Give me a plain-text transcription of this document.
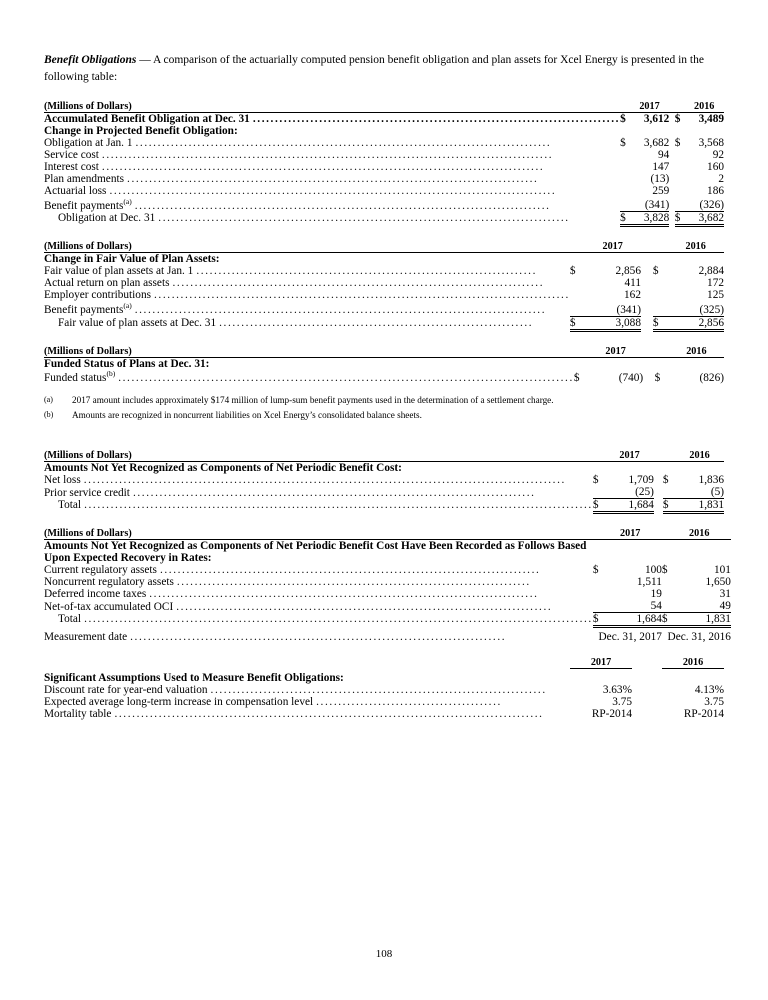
Benefit Obligations — A comparison of the actuarially computed pension benefit obligation and plan assets for Xcel Energy is presented in the following table:

(Millions of Dollars)		2017			2016
Accumulated Benefit Obligation at Dec. 31 ...................................................................................	$	3,612		$	3,489
Change in Projected Benefit Obligation:					
Obligation at Jan. 1 ..............................................................................................	$	3,682		$	3,568
Service cost ......................................................................................................		94			92
Interest cost ....................................................................................................		147			160
Plan amendments .............................................................................................		(13)			2
Actuarial loss .....................................................................................................		259			186
Benefit payments$^{(a)}$ ..............................................................................................		(341)			(326)
Obligation at Dec. 31 .............................................................................................	$	3,828		$	3,682

(Millions of Dollars)		2017			2016
Change in Fair Value of Plan Assets:					
Fair value of plan assets at Jan. 1 .............................................................................	$	2,856		$	2,884
Actual return on plan assets ....................................................................................		411			172
Employer contributions ..............................................................................................		162			125
Benefit payments$^{(a)}$ .............................................................................................		(341)			(325)
Fair value of plan assets at Dec. 31 .......................................................................	$	3,088		$	2,856

(Millions of Dollars)		2017			2016
Funded Status of Plans at Dec. 31:					
Funded status$^{(b)}$ .......................................................................................................	$	(740)		$	(826)
(a)	2017 amount includes approximately $174 million of lump-sum benefit payments used in the determination of a settlement charge.
(b)	Amounts are recognized in noncurrent liabilities on Xcel Energy’s consolidated balance sheets.
(Millions of Dollars)		2017			2016
Amounts Not Yet Recognized as Components of Net Periodic Benefit Cost:					
Net loss .............................................................................................................	$	1,709		$	1,836
Prior service credit ...........................................................................................		(25)			(5)
Total ...................................................................................................................	$	1,684		$	1,831

(Millions of Dollars)		2017			2016
Amounts Not Yet Recognized as Components of Net Periodic Benefit Cost Have Been Recorded as Follows Based Upon Expected Recovery in Rates:					
Current regulatory assets ......................................................................................	$	100		$	101
Noncurrent regulatory assets ................................................................................		1,511			1,650
Deferred income taxes ........................................................................................		19			31
Net-of-tax accumulated OCI .....................................................................................		54			49
Total ...................................................................................................................	$	1,684		$	1,831

Measurement date .....................................................................................		Dec. 31, 2017			Dec. 31, 2016
		2017			2016

Significant Assumptions Used to Measure Benefit Obligations:					
Discount rate for year-end valuation ............................................................................		3.63%			4.13%
Expected average long-term increase in compensation level ..........................................		3.75			3.75
Mortality table .................................................................................................		RP-2014			RP-2014
108
